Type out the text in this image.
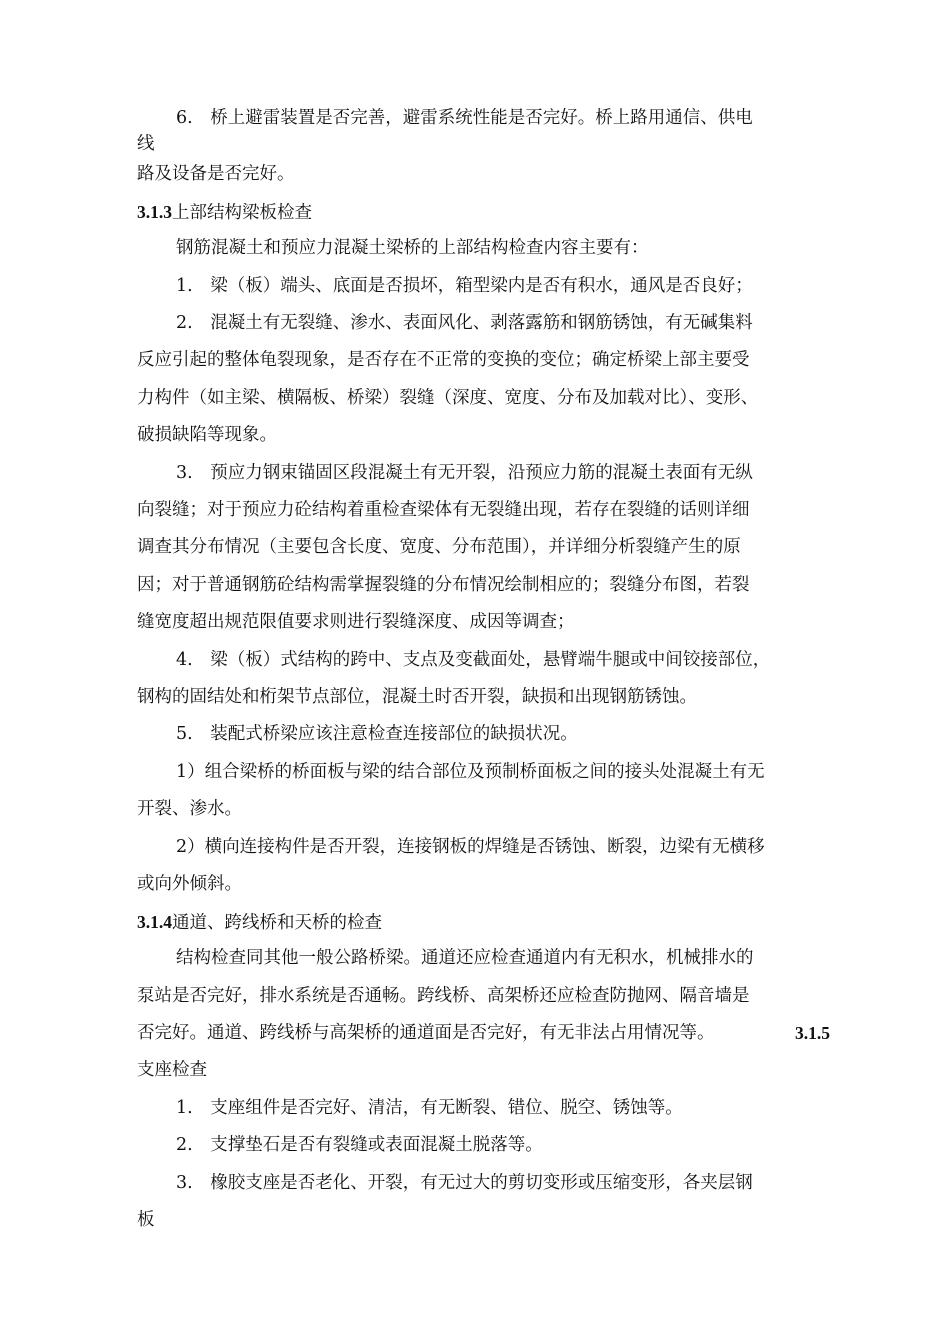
6.　桥上避雷装置是否完善，避雷系统性能是否完好。桥上路用通信、供电

线

路及设备是否完好。

3.1.3上部结构梁板检查

钢筋混凝土和预应力混凝土梁桥的上部结构检查内容主要有：

1.　梁（板）端头、底面是否损坏，箱型梁内是否有积水，通风是否良好；

2.　混凝土有无裂缝、渗水、表面风化、剥落露筋和钢筋锈蚀，有无碱集料

反应引起的整体龟裂现象，是否存在不正常的变换的变位；确定桥梁上部主要受

力构件（如主梁、横隔板、桥梁）裂缝（深度、宽度、分布及加载对比）、变形、

破损缺陷等现象。

3.　预应力钢束锚固区段混凝土有无开裂，沿预应力筋的混凝土表面有无纵

向裂缝；对于预应力砼结构着重检查梁体有无裂缝出现，若存在裂缝的话则详细

调查其分布情况（主要包含长度、宽度、分布范围），并详细分析裂缝产生的原

因；对于普通钢筋砼结构需掌握裂缝的分布情况绘制相应的；裂缝分布图，若裂

缝宽度超出规范限值要求则进行裂缝深度、成因等调查；

4.　梁（板）式结构的跨中、支点及变截面处，悬臂端牛腿或中间铰接部位，

钢构的固结处和桁架节点部位，混凝土时否开裂，缺损和出现钢筋锈蚀。

5.　装配式桥梁应该注意检查连接部位的缺损状况。

1）组合梁桥的桥面板与梁的结合部位及预制桥面板之间的接头处混凝土有无

开裂、渗水。

2）横向连接构件是否开裂，连接钢板的焊缝是否锈蚀、断裂，边梁有无横移

或向外倾斜。

3.1.4通道、跨线桥和天桥的检查

结构检查同其他一般公路桥梁。通道还应检查通道内有无积水，机械排水的

泵站是否完好，排水系统是否通畅。跨线桥、高架桥还应检查防抛网、隔音墙是

否完好。通道、跨线桥与高架桥的通道面是否完好，有无非法占用情况等。	3.1.5

支座检查

1.　支座组件是否完好、清洁，有无断裂、错位、脱空、锈蚀等。

2.　支撑垫石是否有裂缝或表面混凝土脱落等。

3.　橡胶支座是否老化、开裂，有无过大的剪切变形或压缩变形，各夹层钢

板
